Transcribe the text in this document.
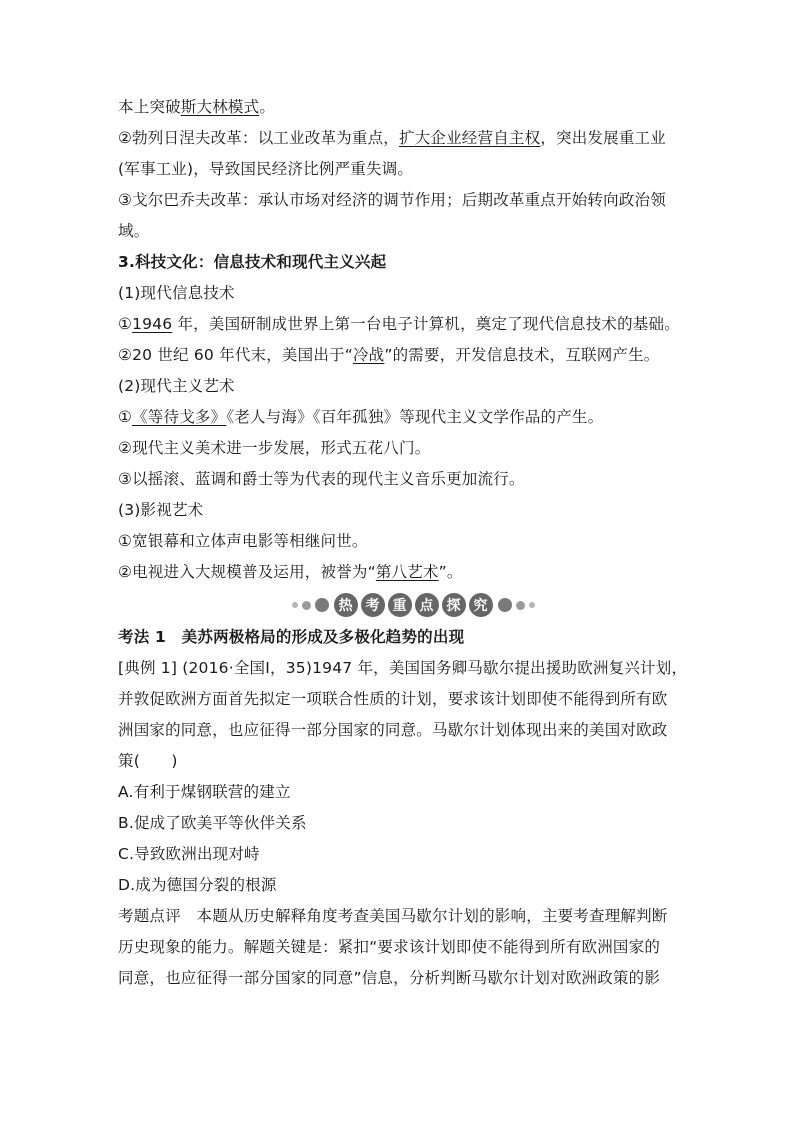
本上突破斯大林模式。
②勃列日涅夫改革：以工业改革为重点，扩大企业经营自主权，突出发展重工业
(军事工业)，导致国民经济比例严重失调。
③戈尔巴乔夫改革：承认市场对经济的调节作用；后期改革重点开始转向政治领
域。
3.科技文化：信息技术和现代主义兴起
(1)现代信息技术
①1946 年，美国研制成世界上第一台电子计算机，奠定了现代信息技术的基础。
②20 世纪 60 年代末，美国出于“冷战”的需要，开发信息技术，互联网产生。
(2)现代主义艺术
①《等待戈多》《老人与海》《百年孤独》等现代主义文学作品的产生。
②现代主义美术进一步发展，形式五花八门。
③以摇滚、蓝调和爵士等为代表的现代主义音乐更加流行。
(3)影视艺术
①宽银幕和立体声电影等相继问世。
②电视进入大规模普及运用，被誉为“第八艺术”。
热 考 重 点 探 究
考法 1　美苏两极格局的形成及多极化趋势的出现
[典例 1] (2016·全国Ⅰ，35)1947 年，美国国务卿马歇尔提出援助欧洲复兴计划，
并敦促欧洲方面首先拟定一项联合性质的计划，要求该计划即使不能得到所有欧
洲国家的同意，也应征得一部分国家的同意。马歇尔计划体现出来的美国对欧政
策(　　)
A.有利于煤钢联营的建立
B.促成了欧美平等伙伴关系
C.导致欧洲出现对峙
D.成为德国分裂的根源
考题点评　本题从历史解释角度考查美国马歇尔计划的影响，主要考查理解判断
历史现象的能力。解题关键是：紧扣“要求该计划即使不能得到所有欧洲国家的
同意，也应征得一部分国家的同意”信息，分析判断马歇尔计划对欧洲政策的影
